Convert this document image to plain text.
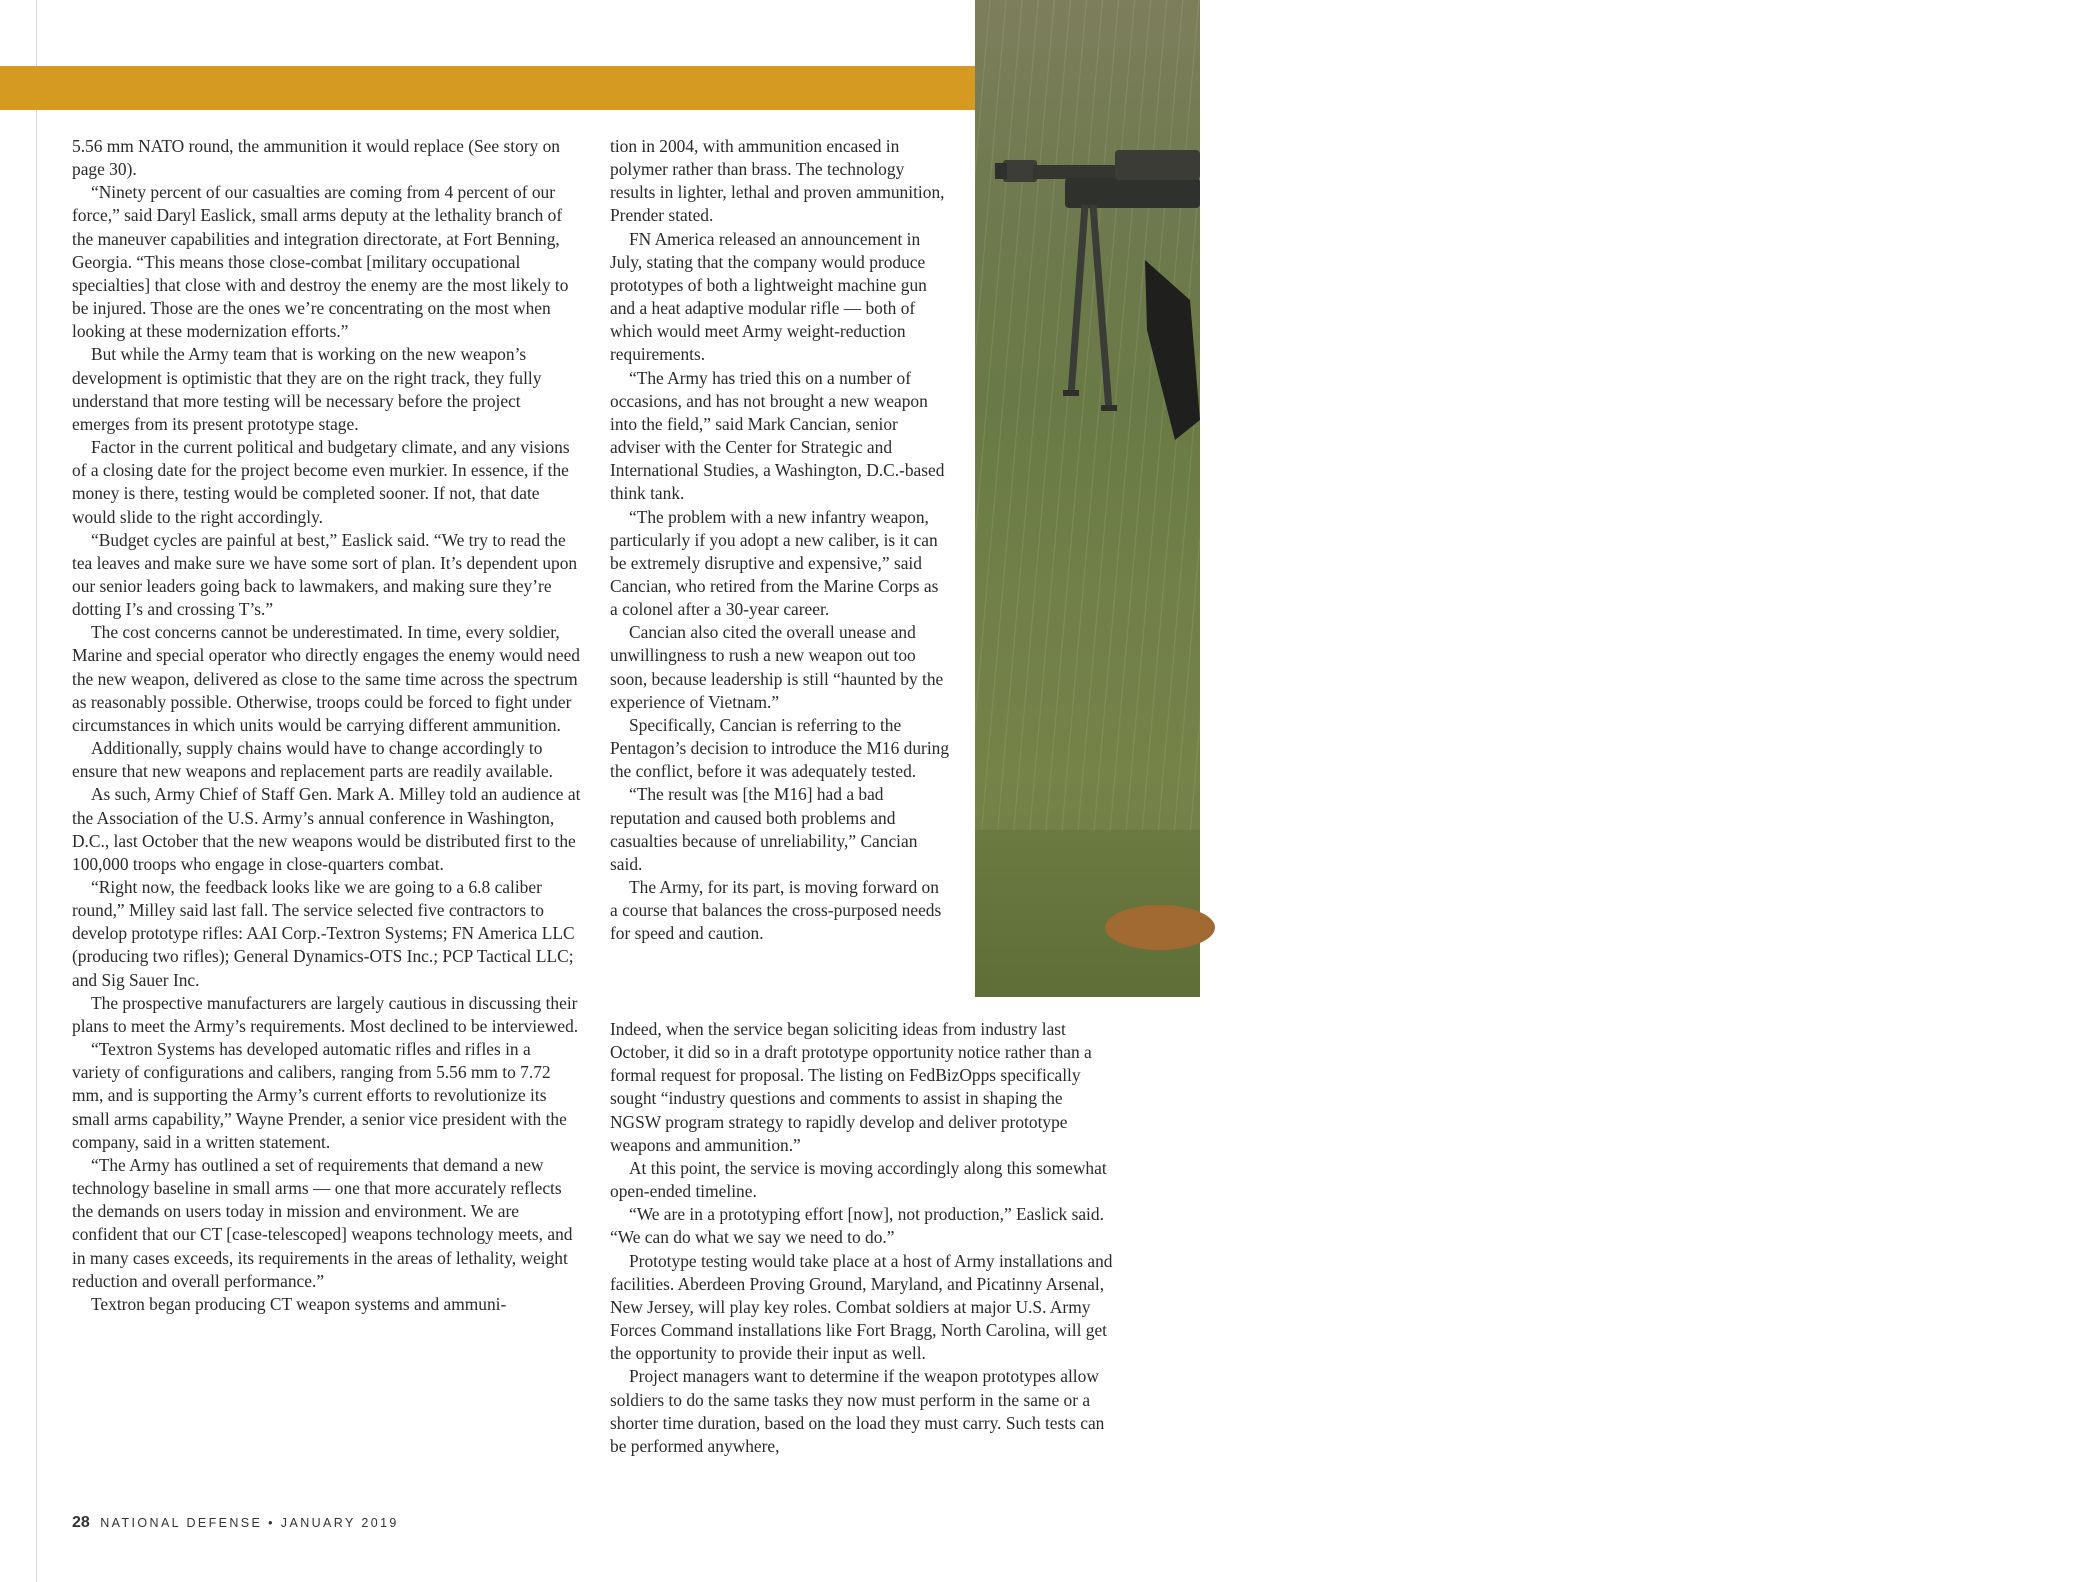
A soldier
fires an
M249 light
machine gun

5.56 mm NATO round, the ammunition it would replace (See story on page 30).

“Ninety percent of our casualties are coming from 4 percent of our force,” said Daryl Easlick, small arms deputy at the lethality branch of the maneuver capabilities and integration directorate, at Fort Benning, Georgia. “This means those close-combat [military occupational specialties] that close with and destroy the enemy are the most likely to be injured. Those are the ones we’re concentrating on the most when looking at these modernization efforts.”

But while the Army team that is working on the new weapon’s development is optimistic that they are on the right track, they fully understand that more testing will be necessary before the project emerges from its present prototype stage.

Factor in the current political and budgetary climate, and any visions of a closing date for the project become even murkier. In essence, if the money is there, testing would be completed sooner. If not, that date would slide to the right accordingly.

“Budget cycles are painful at best,” Easlick said. “We try to read the tea leaves and make sure we have some sort of plan. It’s dependent upon our senior leaders going back to lawmakers, and making sure they’re dotting I’s and crossing T’s.”

The cost concerns cannot be underestimated. In time, every soldier, Marine and special operator who directly engages the enemy would need the new weapon, delivered as close to the same time across the spectrum as reasonably possible. Otherwise, troops could be forced to fight under circumstances in which units would be carrying different ammunition.

Additionally, supply chains would have to change accordingly to ensure that new weapons and replacement parts are readily available.

As such, Army Chief of Staff Gen. Mark A. Milley told an audience at the Association of the U.S. Army’s annual conference in Washington, D.C., last October that the new weapons would be distributed first to the 100,000 troops who engage in close-quarters combat.

“Right now, the feedback looks like we are going to a 6.8 caliber round,” Milley said last fall. The service selected five contractors to develop prototype rifles: AAI Corp.-Textron Systems; FN America LLC (producing two rifles); General Dynamics-OTS Inc.; PCP Tactical LLC; and Sig Sauer Inc.

The prospective manufacturers are largely cautious in discussing their plans to meet the Army’s requirements. Most declined to be interviewed.

“Textron Systems has developed automatic rifles and rifles in a variety of configurations and calibers, ranging from 5.56 mm to 7.72 mm, and is supporting the Army’s current efforts to revolutionize its small arms capability,” Wayne Prender, a senior vice president with the company, said in a written statement.

“The Army has outlined a set of requirements that demand a new technology baseline in small arms — one that more accurately reflects the demands on users today in mission and environment. We are confident that our CT [case-telescoped] weapons technology meets, and in many cases exceeds, its requirements in the areas of lethality, weight reduction and overall performance.”

Textron began producing CT weapon systems and ammuni-

tion in 2004, with ammunition encased in polymer rather than brass. The technology results in lighter, lethal and proven ammunition, Prender stated.

FN America released an announcement in July, stating that the company would produce prototypes of both a lightweight machine gun and a heat adaptive modular rifle — both of which would meet Army weight-reduction requirements.

“The Army has tried this on a number of occasions, and has not brought a new weapon into the field,” said Mark Cancian, senior adviser with the Center for Strategic and International Studies, a Washington, D.C.-based think tank.

“The problem with a new infantry weapon, particularly if you adopt a new caliber, is it can be extremely disruptive and expensive,” said Cancian, who retired from the Marine Corps as a colonel after a 30-year career.

Cancian also cited the overall unease and unwillingness to rush a new weapon out too soon, because leadership is still “haunted by the experience of Vietnam.”

Specifically, Cancian is referring to the Pentagon’s decision to introduce the M16 during the conflict, before it was adequately tested.

“The result was [the M16] had a bad reputation and caused both problems and casualties because of unreliability,” Cancian said.

The Army, for its part, is moving forward on a course that balances the cross-purposed needs for speed and caution.

Indeed, when the service began soliciting ideas from industry last October, it did so in a draft prototype opportunity notice rather than a formal request for proposal. The listing on FedBizOpps specifically sought “industry questions and comments to assist in shaping the NGSW program strategy to rapidly develop and deliver prototype weapons and ammunition.”

At this point, the service is moving accordingly along this somewhat open-ended timeline.

“We are in a prototyping effort [now], not production,” Easlick said. “We can do what we say we need to do.”

Prototype testing would take place at a host of Army installations and facilities. Aberdeen Proving Ground, Maryland, and Picatinny Arsenal, New Jersey, will play key roles. Combat soldiers at major U.S. Army Forces Command installations like Fort Bragg, North Carolina, will get the opportunity to provide their input as well.

Project managers want to determine if the weapon prototypes allow soldiers to do the same tasks they now must perform in the same or a shorter time duration, based on the load they must carry. Such tests can be performed anywhere,

28 NATIONAL DEFENSE • JANUARY 2019
